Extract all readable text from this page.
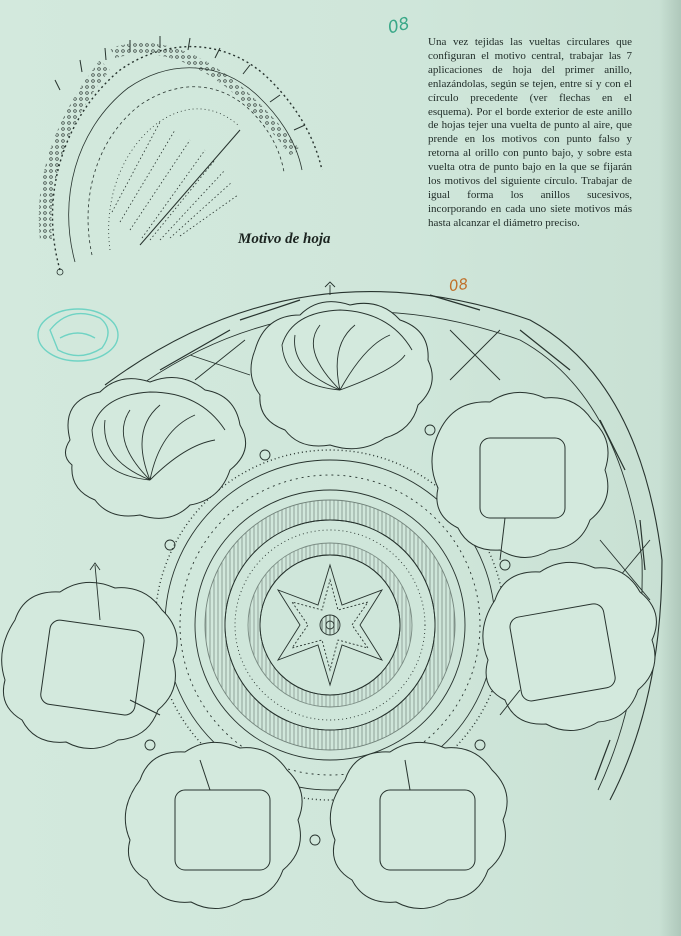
Una vez tejidas las vueltas circulares que configuran el motivo central, trabajar las 7 aplicaciones de hoja del primer anillo, enlazándolas, según se tejen, entre sí y con el círculo precedente (ver flechas en el esquema). Por el borde exterior de este anillo de hojas tejer una vuelta de punto al aire, que prende en los motivos con punto falso y retorna al orillo con punto bajo, y sobre esta vuelta otra de punto bajo en la que se fijarán los motivos del siguiente círculo. Trabajar de igual forma los anillos sucesivos, incorporando en cada uno siete motivos más hasta alcanzar el diámetro preciso.

Motivo de hoja

08
08
